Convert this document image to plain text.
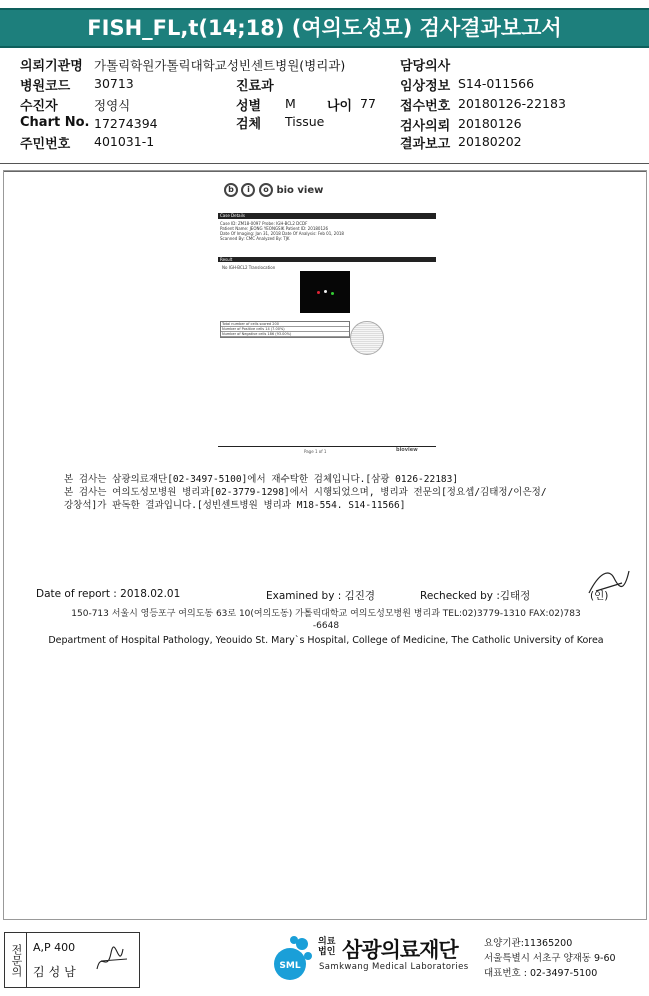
FISH_FL,t(14;18) (여의도성모) 검사결과보고서
의뢰기관명 가톨릭학원가톨릭대학교성빈센트병원(병리과)	담당의사
병원코드 30713	진료과	임상정보 S14-011566
수진자	정영식	성별 M 나이 77 접수번호 20180126-22183
Chart No. 17274394	검체 Tissue	검사의뢰 20180126
주민번호 401031-1	결과보고 20180202
b i o bio view
Case Details
Case ID: ZM18-0097 Probe: IGH-BCL2 DCDF
Patient Name: JEONG YEONGSIK Patient ID: 20180126
Date Of Imaging: Jan 31, 2018 Date Of Analysis: Feb 01, 2018
Scanned By: CMC Analyzed By: TJK
Result
No IGH-BCL2 Translocation
Total number of cells scored 200
Number of Positive cells 14 (7.00%)
Number of Negative cells 186 (93.00%)
Page 1 of 1	bioview
본 검사는 삼광의료재단[02-3497-5100]에서 재수탁한 검체입니다.[삼광 0126-22183]
본 검사는 여의도성모병원 병리과[02-3779-1298]에서 시행되었으며, 병리과 전문의[정요셉/김태정/이은정/
강창석]가 판독한 결과입니다.[성빈센트병원 병리과 M18-554. S14-11566]
Date of report : 2018.02.01	Examined by : 김진경	Rechecked by :김태정	(인)
150-713 서울시 영등포구 여의도동 63로 10(여의도동) 가톨릭대학교 여의도성모병원 병리과 TEL:02)3779-1310 FAX:02)783
-6648
Department of Hospital Pathology, Yeouido St. Mary`s Hospital, College of Medicine, The Catholic University of Korea
전문의 A,P 400
김성남	SML
의료법인 삼광의료재단
Samkwang Medical Laboratories
요양기관:11365200
서울특별시 서초구 양재동 9-60
대표번호 : 02-3497-5100
